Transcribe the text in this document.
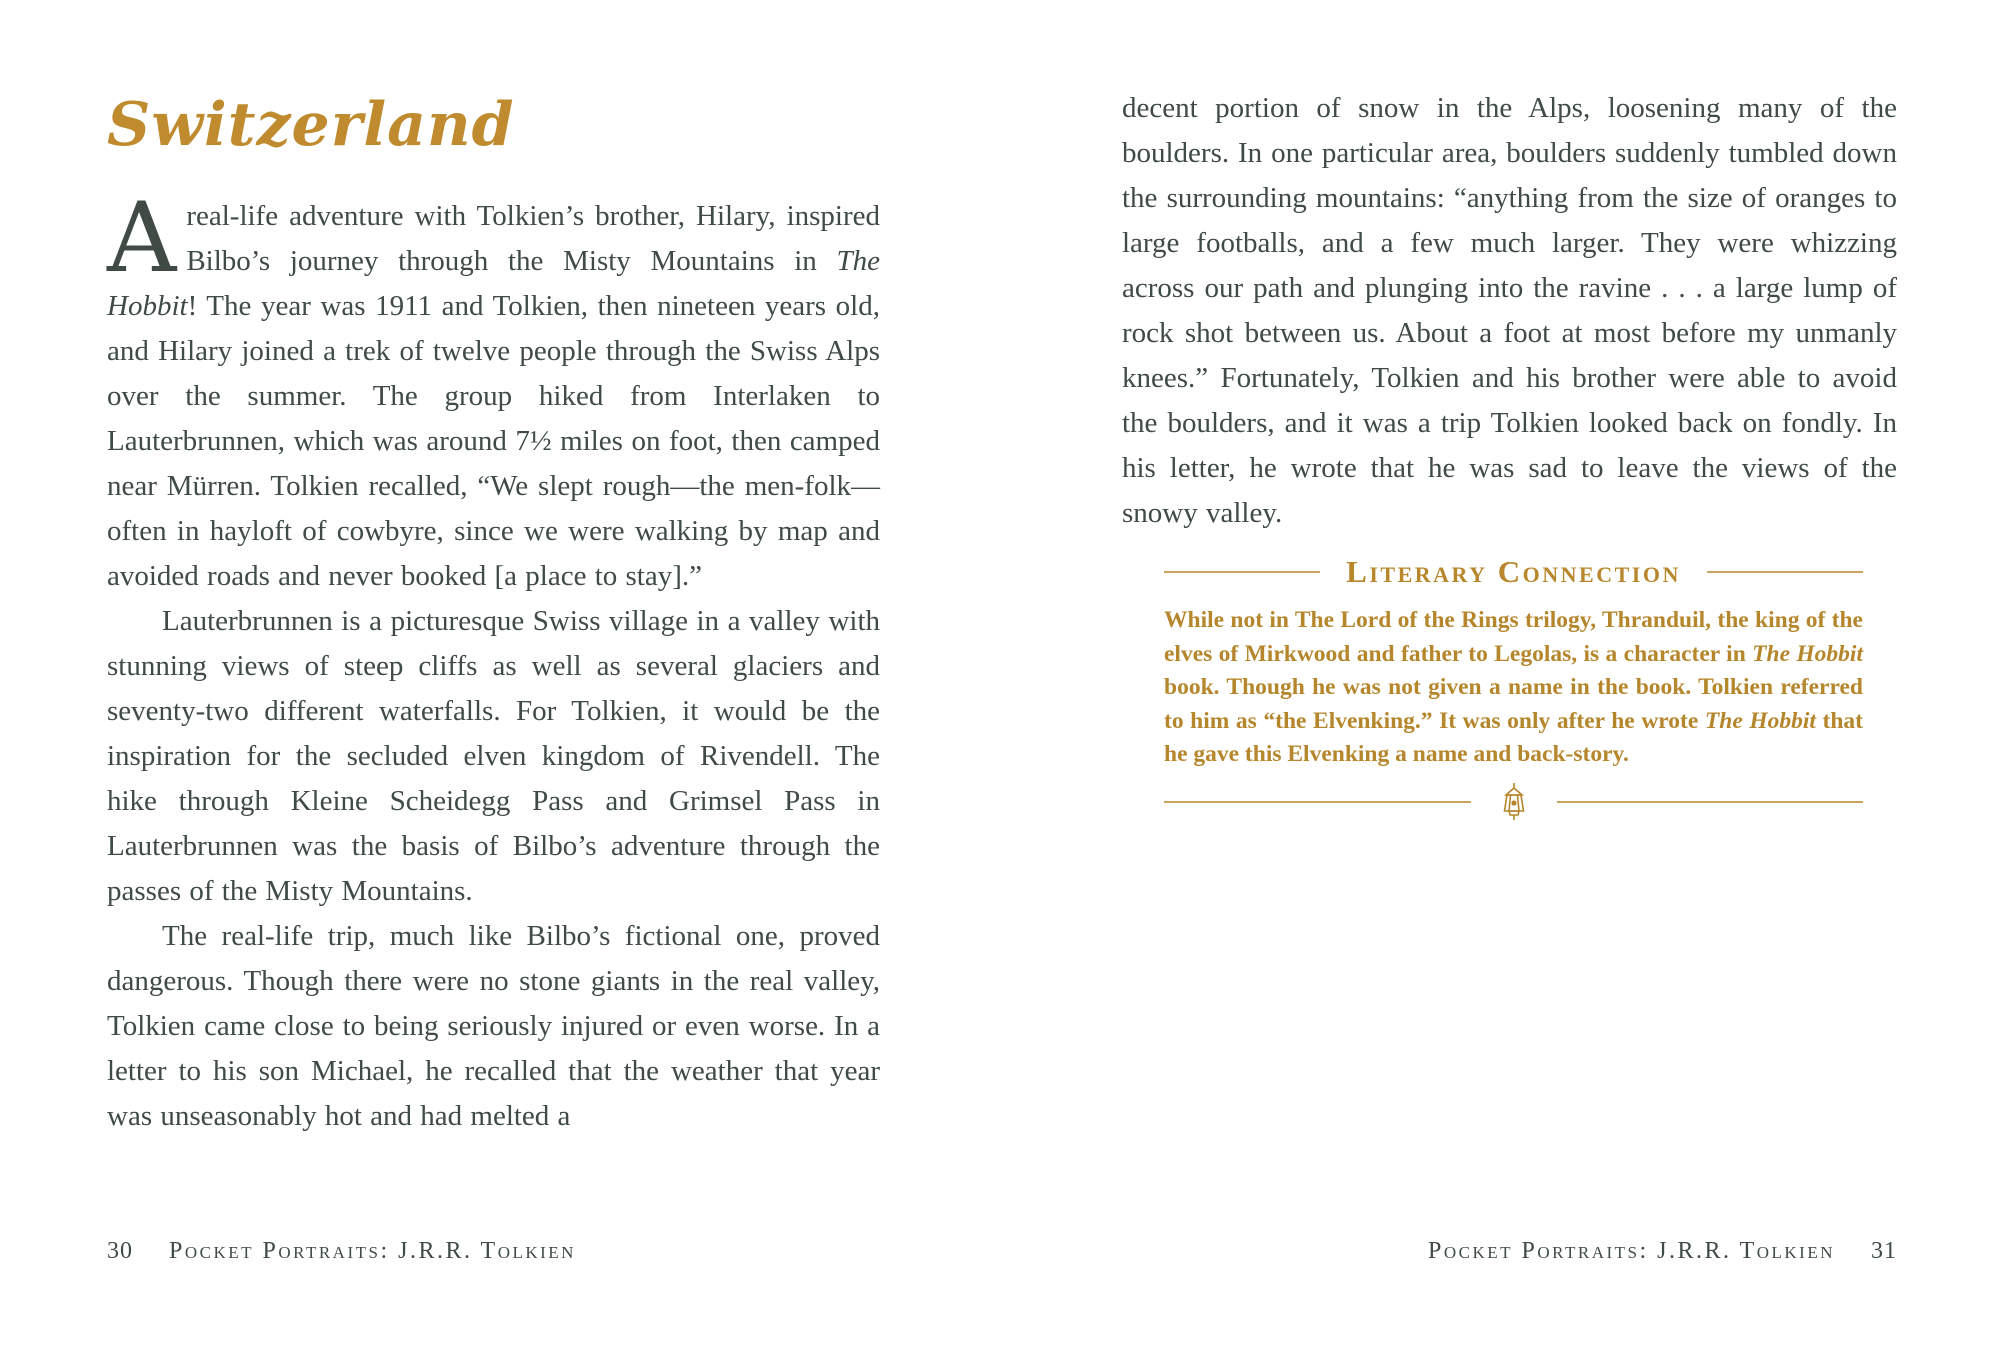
Switzerland

Areal-life adventure with Tolkien’s brother, Hilary, inspired Bilbo’s journey through the Misty Mountains in The Hobbit! The year was 1911 and Tolkien, then nineteen years old, and Hilary joined a trek of twelve people through the Swiss Alps over the summer. The group hiked from Interlaken to Lauterbrunnen, which was around 7½ miles on foot, then camped near Mürren. Tolkien recalled, “We slept rough—the men-folk—often in hayloft of cowbyre, since we were walking by map and avoided roads and never booked [a place to stay].”

Lauterbrunnen is a picturesque Swiss village in a valley with stunning views of steep cliffs as well as several glaciers and seventy-two different waterfalls. For Tolkien, it would be the inspiration for the secluded elven kingdom of Rivendell. The hike through Kleine Scheidegg Pass and Grimsel Pass in Lauterbrunnen was the basis of Bilbo’s adventure through the passes of the Misty Mountains.

The real-life trip, much like Bilbo’s fictional one, proved dangerous. Though there were no stone giants in the real valley, Tolkien came close to being seriously injured or even worse. In a letter to his son Michael, he recalled that the weather that year was unseasonably hot and had melted a

decent portion of snow in the Alps, loosening many of the boulders. In one particular area, boulders suddenly tumbled down the surrounding mountains: “anything from the size of oranges to large footballs, and a few much larger. They were whizzing across our path and plunging into the ravine . . . a large lump of rock shot between us. About a foot at most before my unmanly knees.” Fortunately, Tolkien and his brother were able to avoid the boulders, and it was a trip Tolkien looked back on fondly. In his letter, he wrote that he was sad to leave the views of the snowy valley.

Literary Connection

While not in The Lord of the Rings trilogy, Thranduil, the king of the elves of Mirkwood and father to Legolas, is a character in The Hobbit book. Though he was not given a name in the book. Tolkien referred to him as “the Elvenking.” It was only after he wrote The Hobbit that he gave this Elvenking a name and back-story.

30 Pocket Portraits: J.R.R. Tolkien	Pocket Portraits: J.R.R. Tolkien 31
